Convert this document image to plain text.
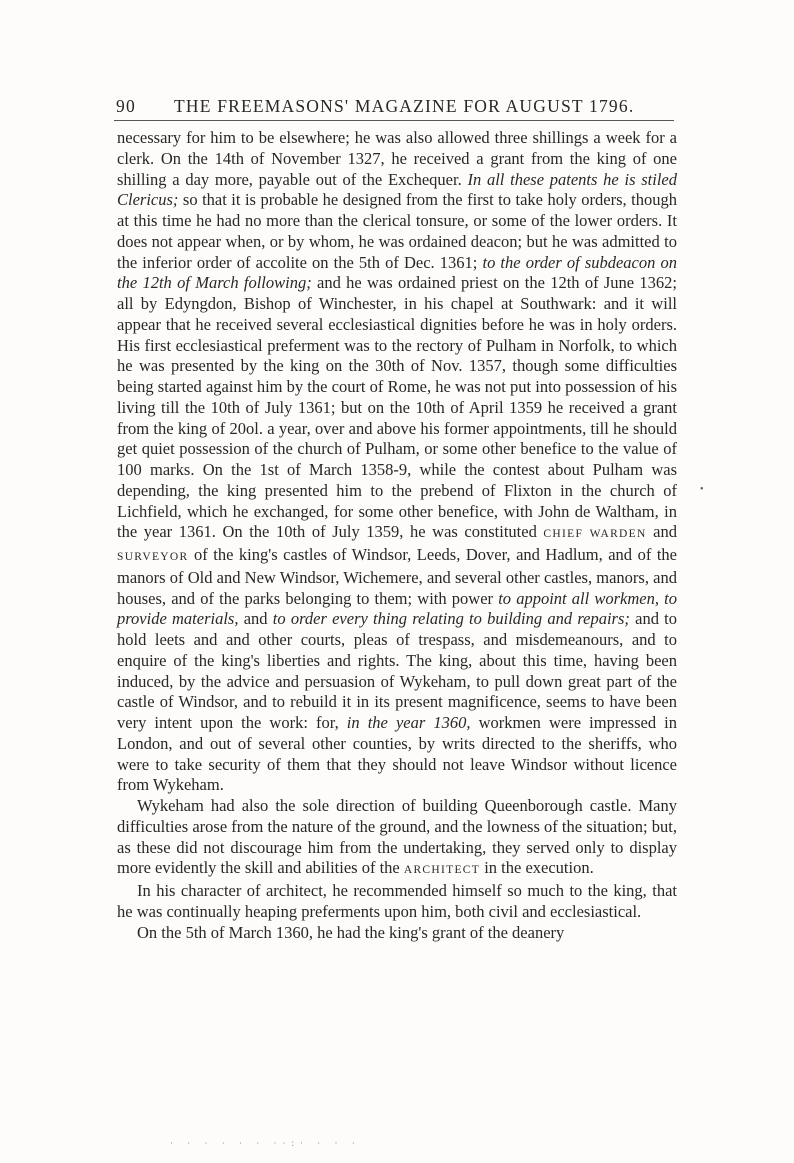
90 THE FREEMASONS' MAGAZINE FOR AUGUST 1796.

necessary for him to be elsewhere; he was also allowed three shillings a week for a clerk. On the 14th of November 1327, he received a grant from the king of one shilling a day more, payable out of the Exchequer. In all these patents he is stiled Clericus; so that it is probable he designed from the first to take holy orders, though at this time he had no more than the clerical tonsure, or some of the lower orders. It does not appear when, or by whom, he was ordained deacon; but he was admitted to the inferior order of accolite on the 5th of Dec. 1361; to the order of subdeacon on the 12th of March following; and he was ordained priest on the 12th of June 1362; all by Edyngdon, Bishop of Winchester, in his chapel at Southwark: and it will appear that he received several ecclesiastical dignities before he was in holy orders. His first ecclesiastical preferment was to the rectory of Pulham in Norfolk, to which he was presented by the king on the 30th of Nov. 1357, though some difficulties being started against him by the court of Rome, he was not put into possession of his living till the 10th of July 1361; but on the 10th of April 1359 he received a grant from the king of 20ol. a year, over and above his former appointments, till he should get quiet possession of the church of Pulham, or some other benefice to the value of 100 marks. On the 1st of March 1358-9, while the contest about Pulham was depending, the king presented him to the prebend of Flixton in the church of Lichfield, which he exchanged, for some other benefice, with John de Waltham, in the year 1361. On the 10th of July 1359, he was constituted CHIEF WARDEN and SURVEYOR of the king's castles of Windsor, Leeds, Dover, and Hadlum, and of the manors of Old and New Windsor, Wichemere, and several other castles, manors, and houses, and of the parks belonging to them; with power to appoint all workmen, to provide materials, and to order every thing relating to building and repairs; and to hold leets and and other courts, pleas of trespass, and misdemeanours, and to enquire of the king's liberties and rights. The king, about this time, having been induced, by the advice and persuasion of Wykeham, to pull down great part of the castle of Windsor, and to rebuild it in its present magnificence, seems to have been very intent upon the work: for, in the year 1360, workmen were impressed in London, and out of several other counties, by writs directed to the sheriffs, who were to take security of them that they should not leave Windsor without licence from Wykeham.

Wykeham had also the sole direction of building Queenborough castle. Many difficulties arose from the nature of the ground, and the lowness of the situation; but, as these did not discourage him from the undertaking, they served only to display more evidently the skill and abilities of the ARCHITECT in the execution.

In his character of architect, he recommended himself so much to the king, that he was continually heaping preferments upon him, both civil and ecclesiastical.

On the 5th of March 1360, he had the king's grant of the deanery

•
· · · · · · ··:· · · ·
